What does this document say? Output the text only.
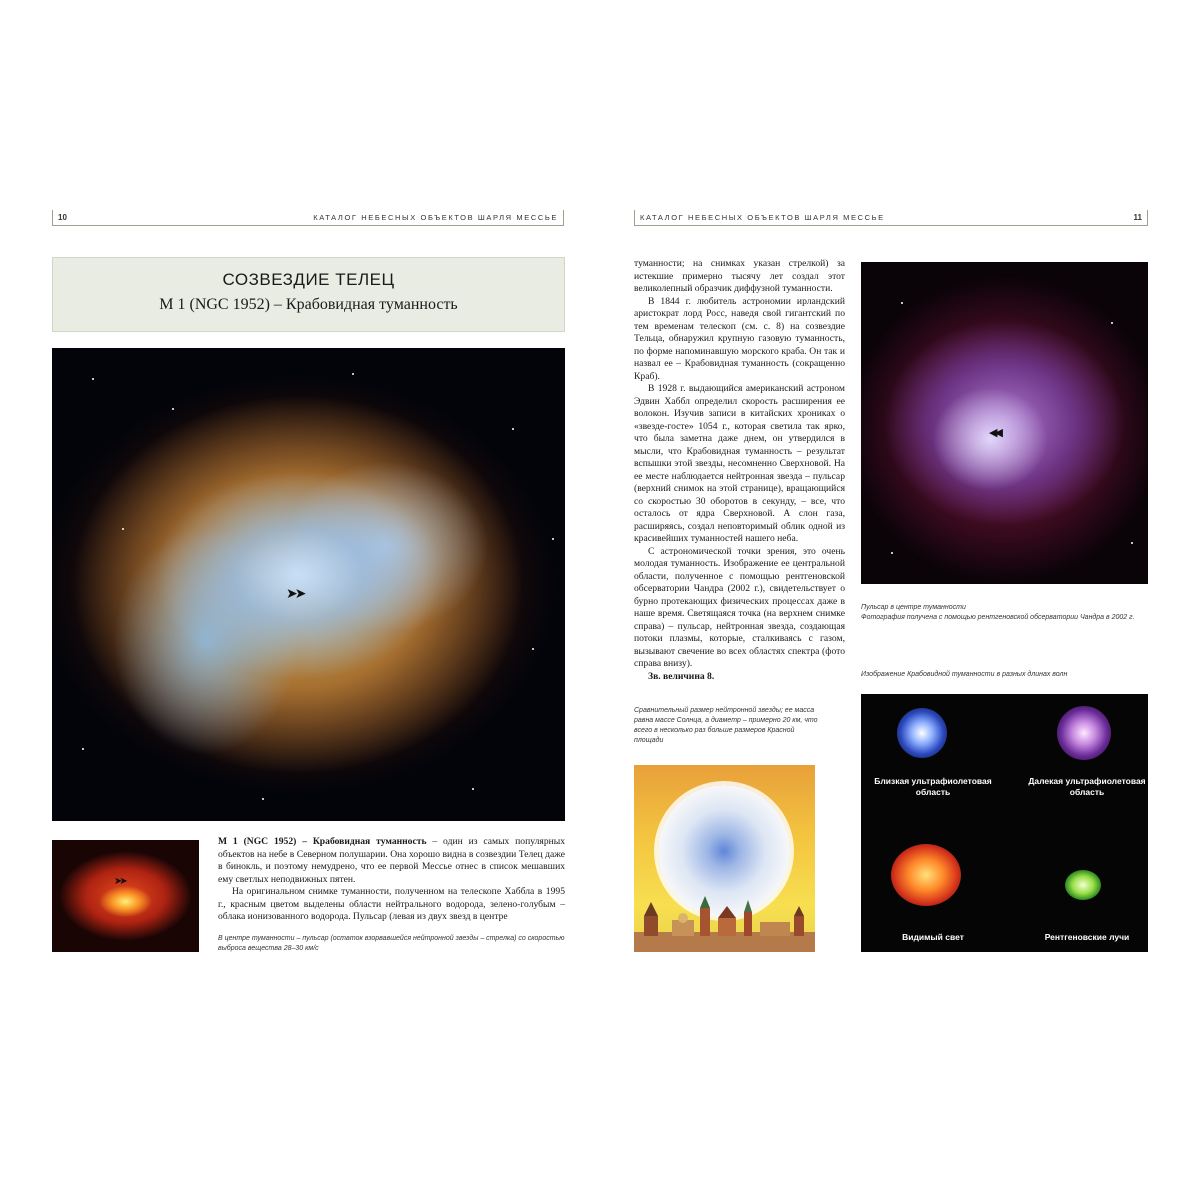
10	КАТАЛОГ НЕБЕСНЫХ ОБЪЕКТОВ ШАРЛЯ МЕССЬЕ
СОЗВЕЗДИЕ ТЕЛЕЦ
М 1 (NGC 1952) – Крабовидная туманность
➤➤
➤➤

М 1 (NGC 1952) – Крабовидная туманность – один из самых популярных объектов на небе в Северном полушарии. Она хорошо видна в созвездии Телец даже в бинокль, и поэтому немудрено, что ее первой Мессье отнес в список мешавших ему светлых неподвижных пятен.

На оригинальном снимке туманности, полученном на телескопе Хаббла в 1995 г., красным цветом выделены области нейтрального водорода, зелено-голубым – облака ионизованного водорода. Пульсар (левая из двух звезд в центре

В центре туманности – пульсар (остаток взорвавшейся нейтронной звезды – стрелка) со скоростью выброса вещества 28–30 км/с
КАТАЛОГ НЕБЕСНЫХ ОБЪЕКТОВ ШАРЛЯ МЕССЬЕ	11

туманности; на снимках указан стрелкой) за истекшие примерно тысячу лет создал этот великолепный образчик диффузной туманности.

В 1844 г. любитель астрономии ирландский аристократ лорд Росс, наведя свой гигантский по тем временам телескоп (см. с. 8) на созвездие Тельца, обнаружил крупную газовую туманность, по форме напоминавшую морского краба. Он так и назвал ее – Крабовидная туманность (сокращенно Краб).

В 1928 г. выдающийся американский астроном Эдвин Хаббл определил скорость расширения ее волокон. Изучив записи в китайских хрониках о «звезде-госте» 1054 г., которая светила так ярко, что была заметна даже днем, он утвердился в мысли, что Крабовидная туманность – результат вспышки этой звезды, несомненно Сверхновой. На ее месте наблюдается нейтронная звезда – пульсар (верхний снимок на этой странице), вращающийся со скоростью 30 оборотов в секунду, – все, что осталось от ядра Сверхновой. А слон газа, расширяясь, создал неповторимый облик одной из красивейших туманностей нашего неба.

С астрономической точки зрения, это очень молодая туманность. Изображение ее центральной области, полученное с помощью рентгеновской обсерватории Чандра (2002 г.), свидетельствует о бурно протекающих физических процессах даже в наше время. Светящаяся точка (на верхнем снимке справа) – пульсар, нейтронная звезда, создающая потоки плазмы, которые, сталкиваясь с газом, вызывают свечение во всех областях спектра (фото справа внизу).

Зв. величина 8.

◀◀
Пульсар в центре туманности
Фотография получена с помощью рентгеновской обсерватории Чандра в 2002 г.
Изображение Крабовидной туманности в разных длинах волн
Сравнительный размер нейтронной звезды; ее масса равна массе Солнца, а диаметр – примерно 20 км, что всего в несколько раз больше размеров Красной площади
Близкая ультрафиолетовая область
Далекая ультрафиолетовая область
Видимый свет	Рентгеновские лучи
